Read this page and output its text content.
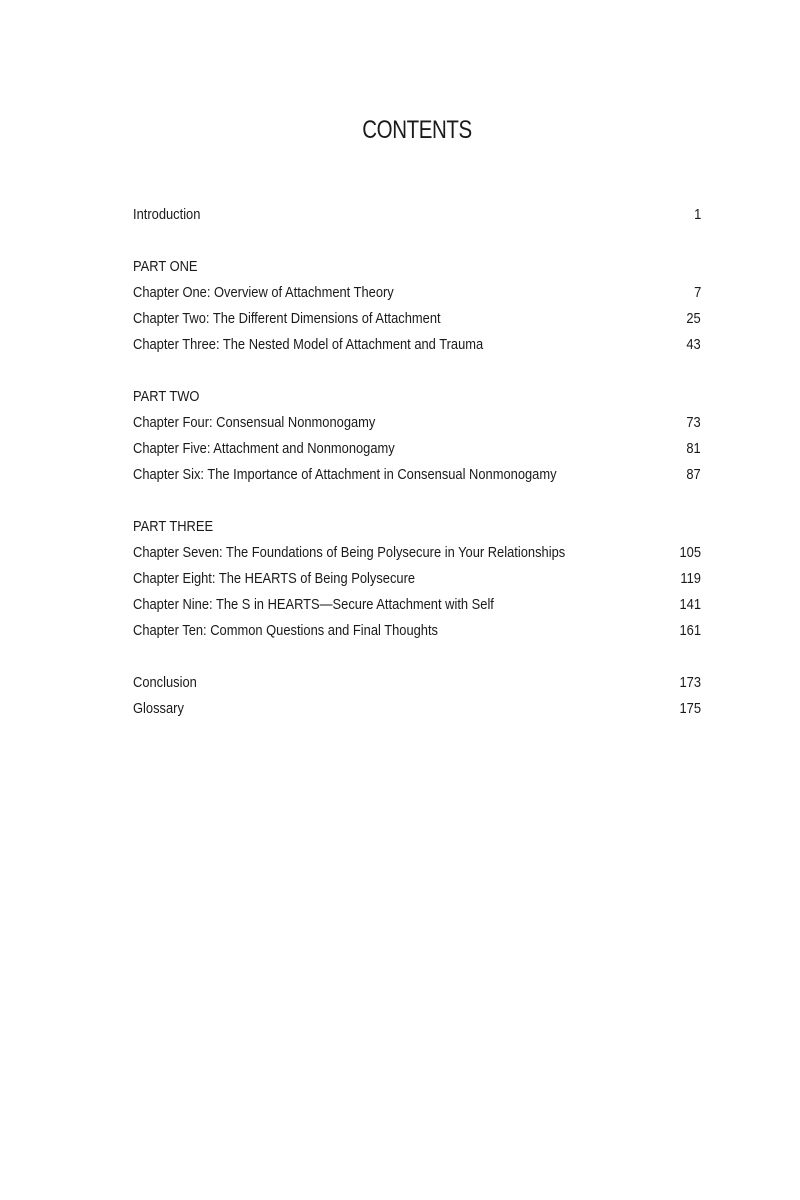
CONTENTS
Introduction	1
PART ONE
Chapter One: Overview of Attachment Theory	7
Chapter Two: The Different Dimensions of Attachment	25
Chapter Three: The Nested Model of Attachment and Trauma	43
PART TWO
Chapter Four: Consensual Nonmonogamy	73
Chapter Five: Attachment and Nonmonogamy	81
Chapter Six: The Importance of Attachment in Consensual Nonmonogamy	87
PART THREE
Chapter Seven: The Foundations of Being Polysecure in Your Relationships	105
Chapter Eight: The HEARTS of Being Polysecure	119
Chapter Nine: The S in HEARTS—Secure Attachment with Self	141
Chapter Ten: Common Questions and Final Thoughts	161
Conclusion	173
Glossary	175
